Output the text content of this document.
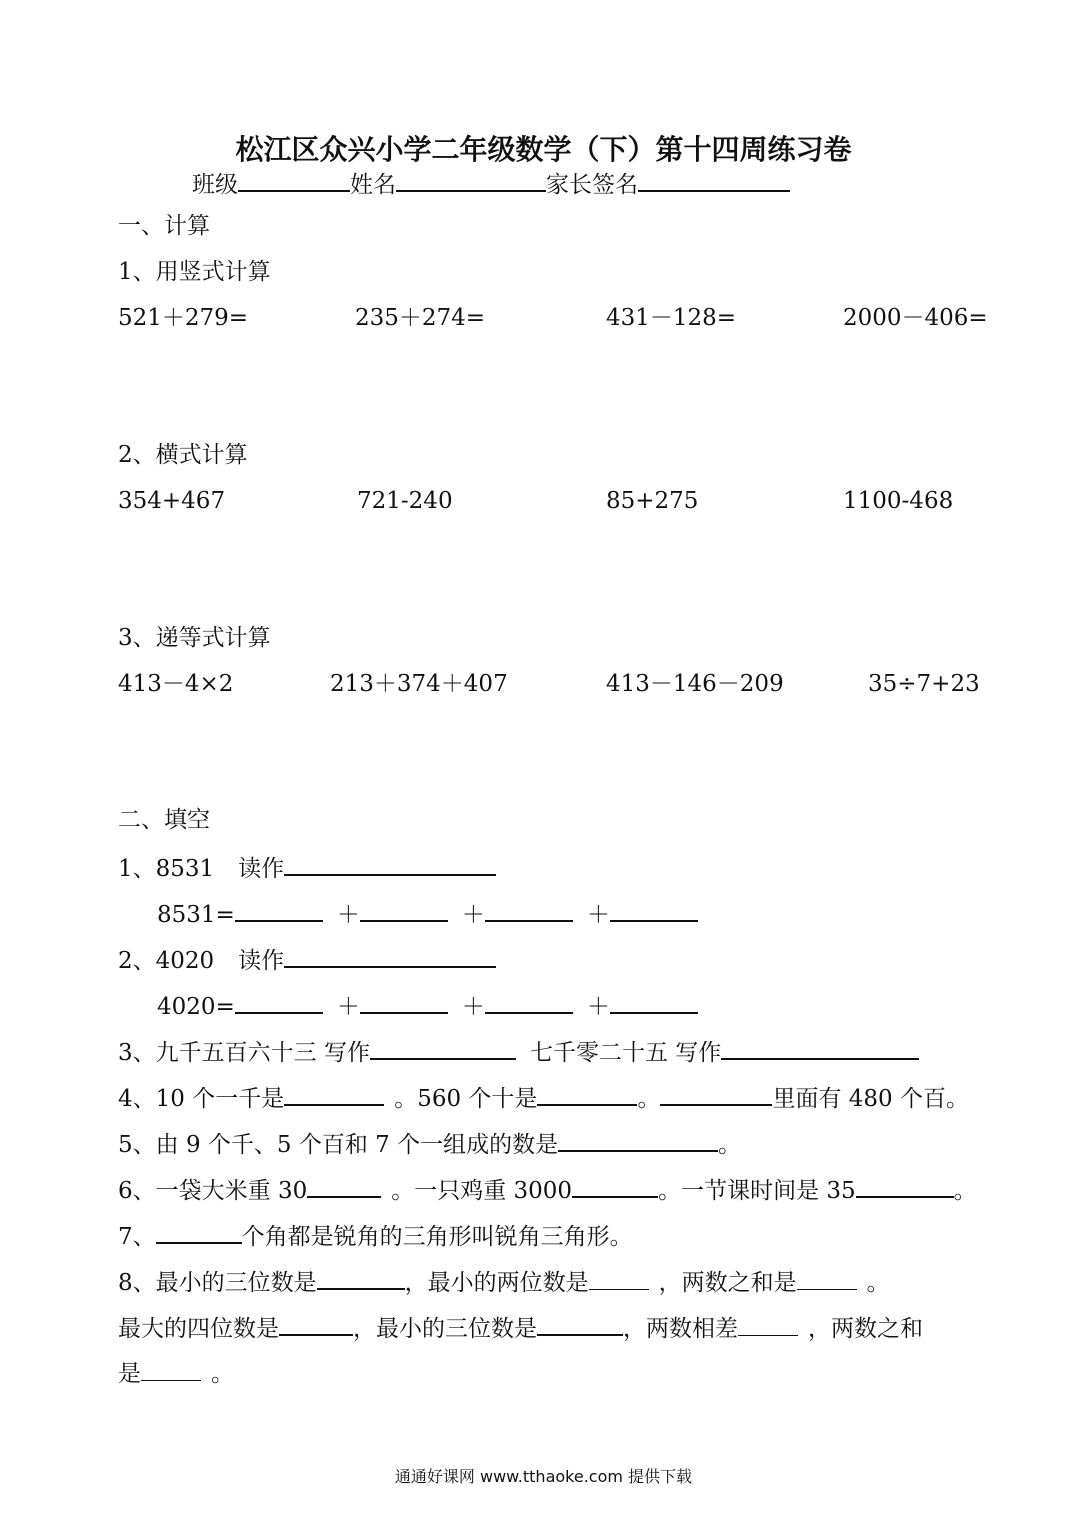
松江区众兴小学二年级数学（下）第十四周练习卷
班级	姓名	家长签名
一、计算
1、用竖式计算
521＋279=	235＋274=	431－128=	2000－406=
2、横式计算
354+467	721-240	85+275	1100-468
3、递等式计算
413－4×2	213＋374＋407	413－146－209	35÷7+23
二、填空
1、8531 读作
8531=	＋	＋	＋
2、4020 读作
4020=	＋	＋	＋
3、九千五百六十三 写作	七千零二十五 写作
4、10 个一千是	。560 个十是	。	里面有 480 个百。
5、由 9 个千、5 个百和 7 个一组成的数是	。
6、一袋大米重 30	。一只鸡重 3000	。一节课时间是 35	。
7、	个角都是锐角的三角形叫锐角三角形。
8、最小的三位数是	，最小的两位数是	，两数之和是	。
最大的四位数是	，最小的三位数是	，两数相差	，两数之和
是	。
通通好课网 www.tthaoke.com 提供下载
